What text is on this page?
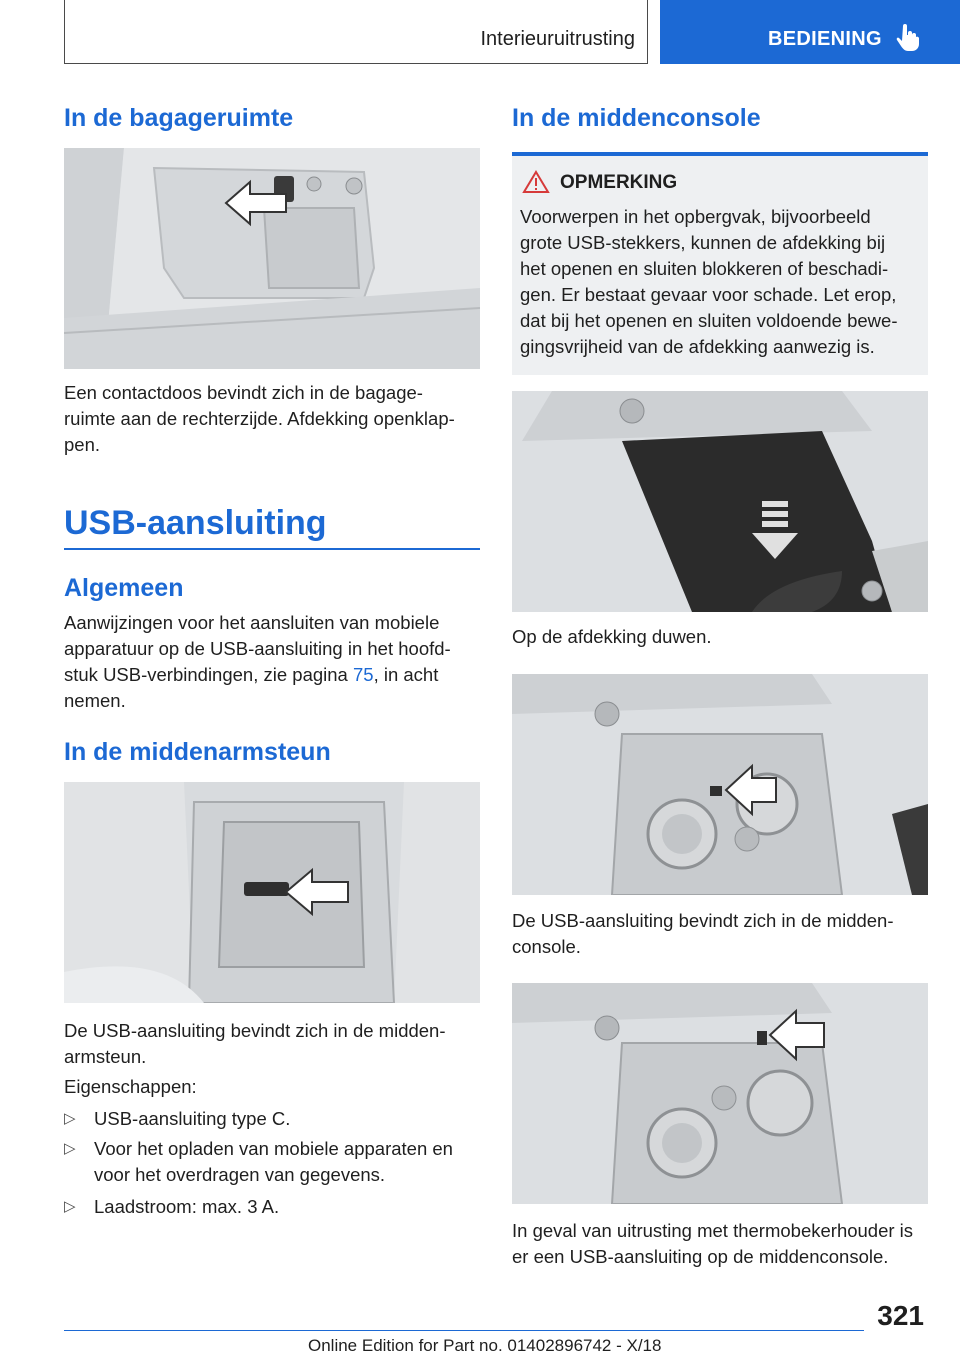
Interieuruitrusting	BEDIENING
In de bagageruimte
Een contactdoos bevindt zich in de bagage-
ruimte aan de rechterzijde. Afdekking openklap-
pen.
USB-aansluiting
Algemeen
Aanwijzingen voor het aansluiten van mobiele
apparatuur op de USB-aansluiting in het hoofd-
stuk USB-verbindingen, zie pagina 75, in acht
nemen.
In de middenarmsteun
De USB-aansluiting bevindt zich in de midden-
armsteun.
Eigenschappen:
▷ USB-aansluiting type C.
▷ Voor het opladen van mobiele apparaten en
voor het overdragen van gegevens.
▷ Laadstroom: max. 3 A.
In de middenconsole
OPMERKING
Voorwerpen in het opbergvak, bijvoorbeeld
grote USB-stekkers, kunnen de afdekking bij
het openen en sluiten blokkeren of beschadi-
gen. Er bestaat gevaar voor schade. Let erop,
dat bij het openen en sluiten voldoende bewe-
gingsvrijheid van de afdekking aanwezig is.
Op de afdekking duwen.
De USB-aansluiting bevindt zich in de midden-
console.
In geval van uitrusting met thermobekerhouder is
er een USB-aansluiting op de middenconsole.
321
Online Edition for Part no. 01402896742 - X/18
